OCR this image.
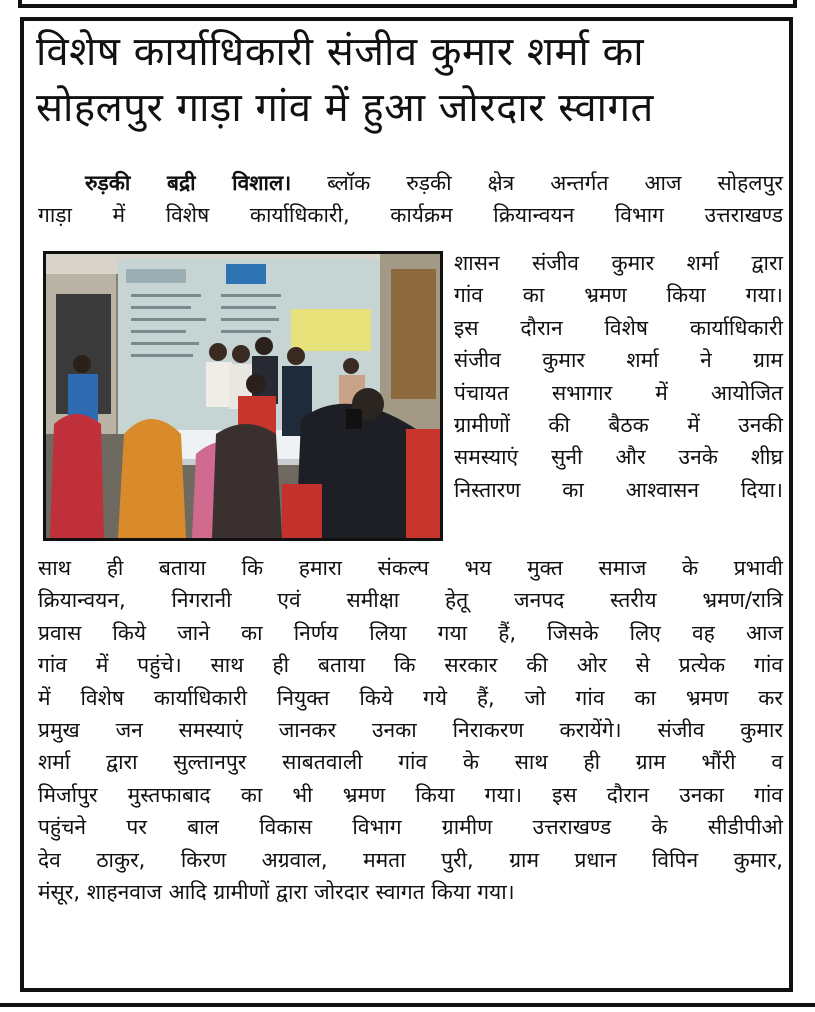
विशेष कार्याधिकारी संजीव कुमार शर्मा का
सोहलपुर गाड़ा गांव में हुआ जोरदार स्वागत
रुड़की बद्री विशाल। ब्लॉक रुड़की क्षेत्र अन्तर्गत आज सोहलपुर
गाड़ा में विशेष कार्याधिकारी, कार्यक्रम क्रियान्वयन विभाग उत्तराखण्ड
शासन संजीव कुमार शर्मा द्वारा
गांव का भ्रमण किया गया।
इस दौरान विशेष कार्याधिकारी
संजीव कुमार शर्मा ने ग्राम
पंचायत सभागार में आयोजित
ग्रामीणों की बैठक में उनकी
समस्याएं सुनी और उनके शीघ्र
निस्तारण का आश्वासन दिया।
साथ ही बताया कि हमारा संकल्प भय मुक्त समाज के प्रभावी
क्रियान्वयन, निगरानी एवं समीक्षा हेतू जनपद स्तरीय भ्रमण/रात्रि
प्रवास किये जाने का निर्णय लिया गया हैं, जिसके लिए वह आज
गांव में पहुंचे। साथ ही बताया कि सरकार की ओर से प्रत्येक गांव
में विशेष कार्याधिकारी नियुक्त किये गये हैं, जो गांव का भ्रमण कर
प्रमुख जन समस्याएं जानकर उनका निराकरण करायेंगे। संजीव कुमार
शर्मा द्वारा सुल्तानपुर साबतवाली गांव के साथ ही ग्राम भौंरी व
मिर्जापुर मुस्तफाबाद का भी भ्रमण किया गया। इस दौरान उनका गांव
पहुंचने पर बाल विकास विभाग ग्रामीण उत्तराखण्ड के सीडीपीओ
देव ठाकुर, किरण अग्रवाल, ममता पुरी, ग्राम प्रधान विपिन कुमार,
मंसूर, शाहनवाज आदि ग्रामीणों द्वारा जोरदार स्वागत किया गया।
